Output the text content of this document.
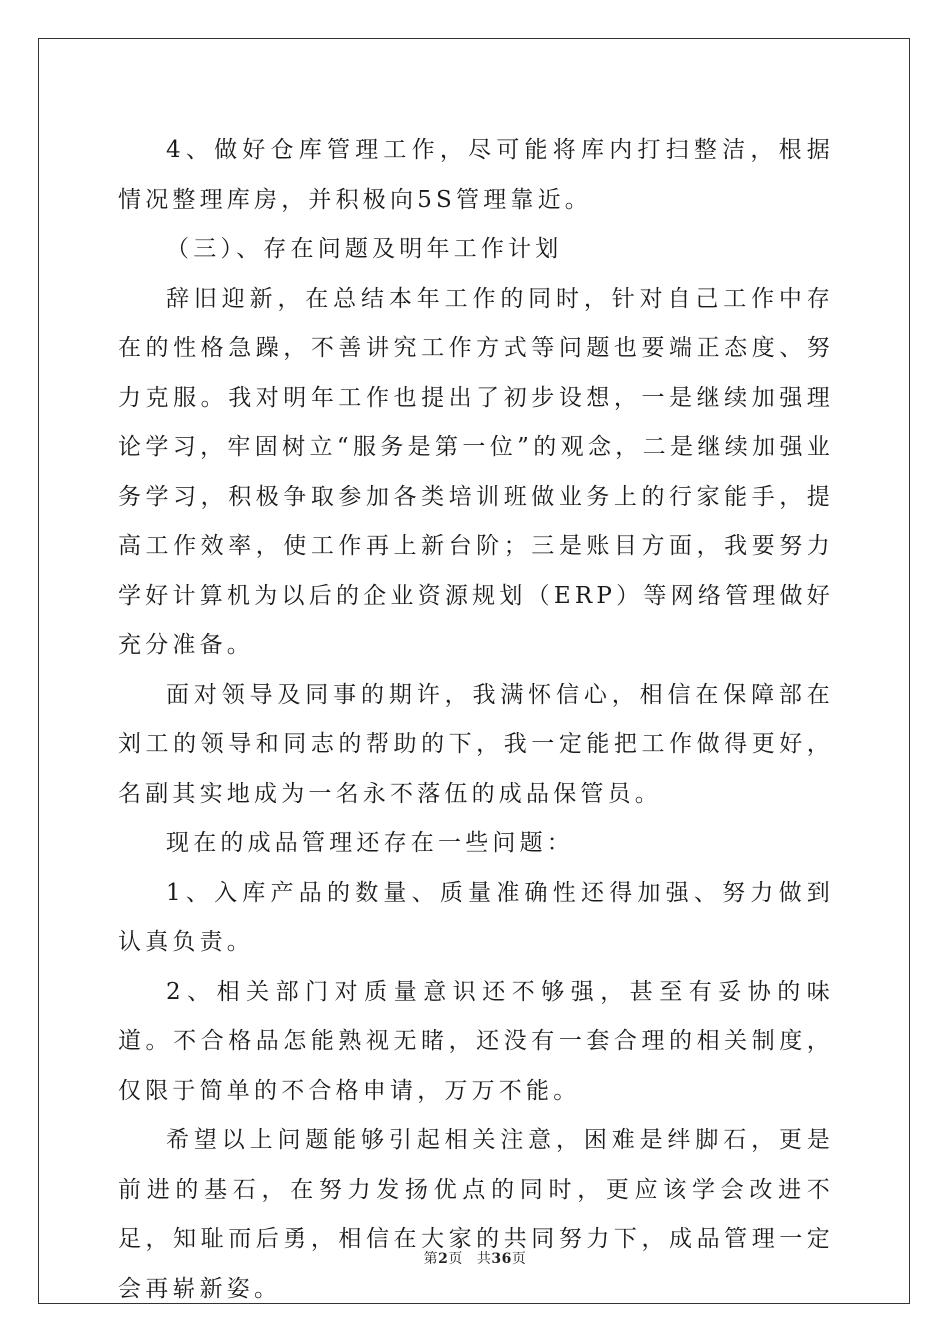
4、做好仓库管理工作，尽可能将库内打扫整洁，根据情况整理库房，并积极向5S管理靠近。

（三）、存在问题及明年工作计划

辞旧迎新，在总结本年工作的同时，针对自己工作中存在的性格急躁，不善讲究工作方式等问题也要端正态度、努力克服。我对明年工作也提出了初步设想，一是继续加强理论学习，牢固树立“服务是第一位”的观念，二是继续加强业务学习，积极争取参加各类培训班做业务上的行家能手，提高工作效率，使工作再上新台阶；三是账目方面，我要努力学好计算机为以后的企业资源规划（ERP）等网络管理做好充分准备。

面对领导及同事的期许，我满怀信心，相信在保障部在刘工的领导和同志的帮助的下，我一定能把工作做得更好，名副其实地成为一名永不落伍的成品保管员。

现在的成品管理还存在一些问题：

1、入库产品的数量、质量准确性还得加强、努力做到认真负责。

2、相关部门对质量意识还不够强，甚至有妥协的味道。不合格品怎能熟视无睹，还没有一套合理的相关制度，仅限于简单的不合格申请，万万不能。

希望以上问题能够引起相关注意，困难是绊脚石，更是前进的基石，在努力发扬优点的同时，更应该学会改进不足，知耻而后勇，相信在大家的共同努力下，成品管理一定会再崭新姿。

第2页 共36页
